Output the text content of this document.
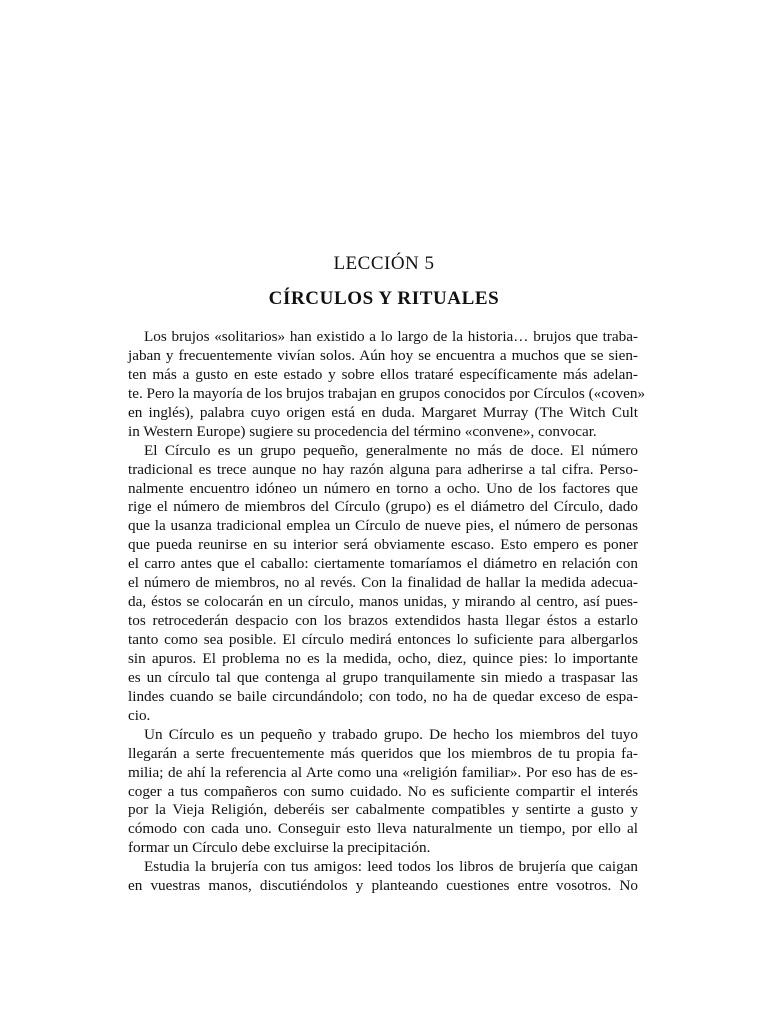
LECCIÓN 5
CÍRCULOS Y RITUALES
Los brujos «solitarios» han existido a lo largo de la historia… brujos que traba-
jaban y frecuentemente vivían solos. Aún hoy se encuentra a muchos que se sien-
ten más a gusto en este estado y sobre ellos trataré específicamente más adelan-
te. Pero la mayoría de los brujos trabajan en grupos conocidos por Círculos («coven»
en inglés), palabra cuyo origen está en duda. Margaret Murray (The Witch Cult
in Western Europe) sugiere su procedencia del término «convene», convocar.
El Círculo es un grupo pequeño, generalmente no más de doce. El número
tradicional es trece aunque no hay razón alguna para adherirse a tal cifra. Perso-
nalmente encuentro idóneo un número en torno a ocho. Uno de los factores que
rige el número de miembros del Círculo (grupo) es el diámetro del Círculo, dado
que la usanza tradicional emplea un Círculo de nueve pies, el número de personas
que pueda reunirse en su interior será obviamente escaso. Esto empero es poner
el carro antes que el caballo: ciertamente tomaríamos el diámetro en relación con
el número de miembros, no al revés. Con la finalidad de hallar la medida adecua-
da, éstos se colocarán en un círculo, manos unidas, y mirando al centro, así pues-
tos retrocederán despacio con los brazos extendidos hasta llegar éstos a estarlo
tanto como sea posible. El círculo medirá entonces lo suficiente para albergarlos
sin apuros. El problema no es la medida, ocho, diez, quince pies: lo importante
es un círculo tal que contenga al grupo tranquilamente sin miedo a traspasar las
lindes cuando se baile circundándolo; con todo, no ha de quedar exceso de espa-
cio.
Un Círculo es un pequeño y trabado grupo. De hecho los miembros del tuyo
llegarán a serte frecuentemente más queridos que los miembros de tu propia fa-
milia; de ahí la referencia al Arte como una «religión familiar». Por eso has de es-
coger a tus compañeros con sumo cuidado. No es suficiente compartir el interés
por la Vieja Religión, deberéis ser cabalmente compatibles y sentirte a gusto y
cómodo con cada uno. Conseguir esto lleva naturalmente un tiempo, por ello al
formar un Círculo debe excluirse la precipitación.
Estudia la brujería con tus amigos: leed todos los libros de brujería que caigan
en vuestras manos, discutiéndolos y planteando cuestiones entre vosotros. No
